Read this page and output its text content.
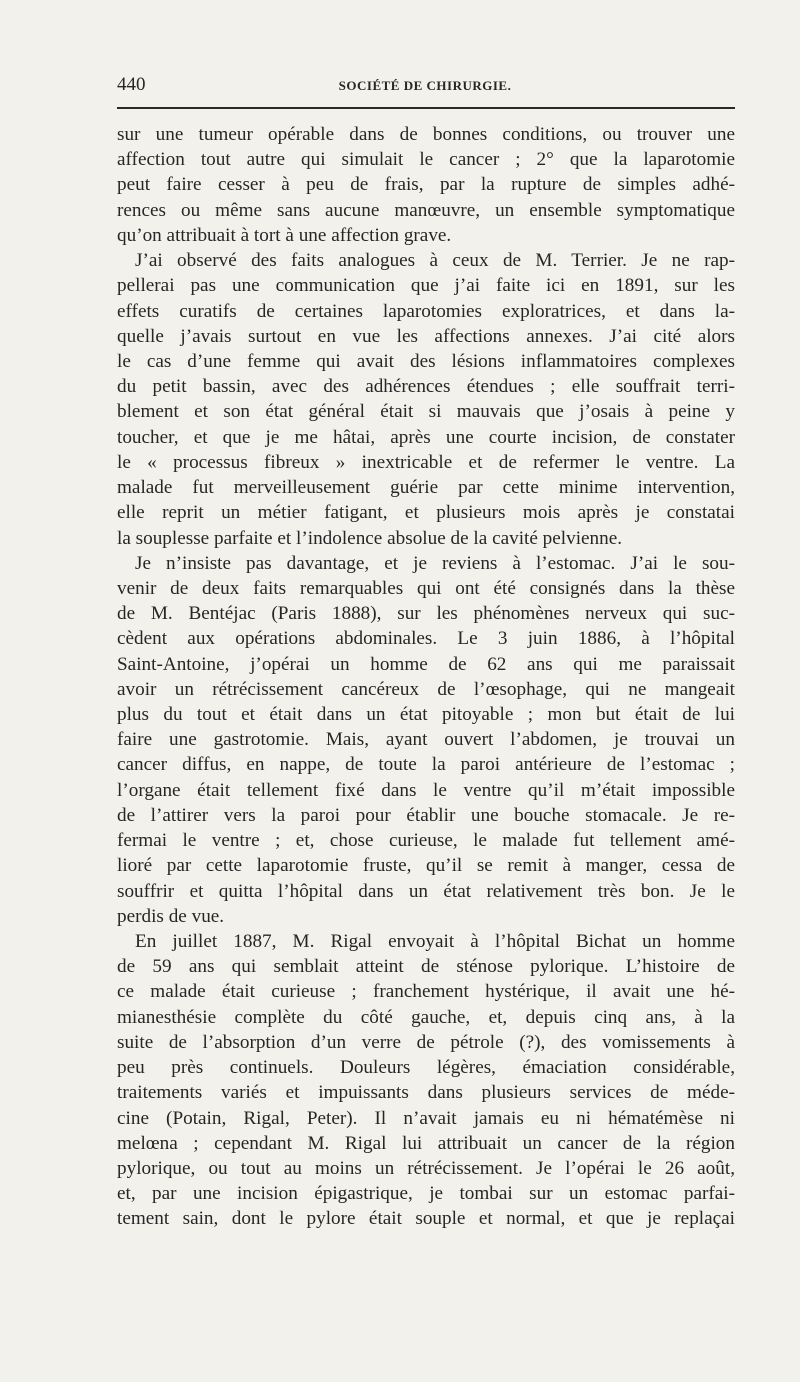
440	SOCIÉTÉ DE CHIRURGIE.
sur une tumeur opérable dans de bonnes conditions, ou trouver une
affection tout autre qui simulait le cancer ; 2° que la laparotomie
peut faire cesser à peu de frais, par la rupture de simples adhé-
rences ou même sans aucune manœuvre, un ensemble symptomatique
qu’on attribuait à tort à une affection grave.
J’ai observé des faits analogues à ceux de M. Terrier. Je ne rap-
pellerai pas une communication que j’ai faite ici en 1891, sur les
effets curatifs de certaines laparotomies exploratrices, et dans la-
quelle j’avais surtout en vue les affections annexes. J’ai cité alors
le cas d’une femme qui avait des lésions inflammatoires complexes
du petit bassin, avec des adhérences étendues ; elle souffrait terri-
blement et son état général était si mauvais que j’osais à peine y
toucher, et que je me hâtai, après une courte incision, de constater
le « processus fibreux » inextricable et de refermer le ventre. La
malade fut merveilleusement guérie par cette minime intervention,
elle reprit un métier fatigant, et plusieurs mois après je constatai
la souplesse parfaite et l’indolence absolue de la cavité pelvienne.
Je n’insiste pas davantage, et je reviens à l’estomac. J’ai le sou-
venir de deux faits remarquables qui ont été consignés dans la thèse
de M. Bentéjac (Paris 1888), sur les phénomènes nerveux qui suc-
cèdent aux opérations abdominales. Le 3 juin 1886, à l’hôpital
Saint-Antoine, j’opérai un homme de 62 ans qui me paraissait
avoir un rétrécissement cancéreux de l’œsophage, qui ne mangeait
plus du tout et était dans un état pitoyable ; mon but était de lui
faire une gastrotomie. Mais, ayant ouvert l’abdomen, je trouvai un
cancer diffus, en nappe, de toute la paroi antérieure de l’estomac ;
l’organe était tellement fixé dans le ventre qu’il m’était impossible
de l’attirer vers la paroi pour établir une bouche stomacale. Je re-
fermai le ventre ; et, chose curieuse, le malade fut tellement amé-
lioré par cette laparotomie fruste, qu’il se remit à manger, cessa de
souffrir et quitta l’hôpital dans un état relativement très bon. Je le
perdis de vue.
En juillet 1887, M. Rigal envoyait à l’hôpital Bichat un homme
de 59 ans qui semblait atteint de sténose pylorique. L’histoire de
ce malade était curieuse ; franchement hystérique, il avait une hé-
mianesthésie complète du côté gauche, et, depuis cinq ans, à la
suite de l’absorption d’un verre de pétrole (?), des vomissements à
peu près continuels. Douleurs légères, émaciation considérable,
traitements variés et impuissants dans plusieurs services de méde-
cine (Potain, Rigal, Peter). Il n’avait jamais eu ni hématémèse ni
melœna ; cependant M. Rigal lui attribuait un cancer de la région
pylorique, ou tout au moins un rétrécissement. Je l’opérai le 26 août,
et, par une incision épigastrique, je tombai sur un estomac parfai-
tement sain, dont le pylore était souple et normal, et que je replaçai
